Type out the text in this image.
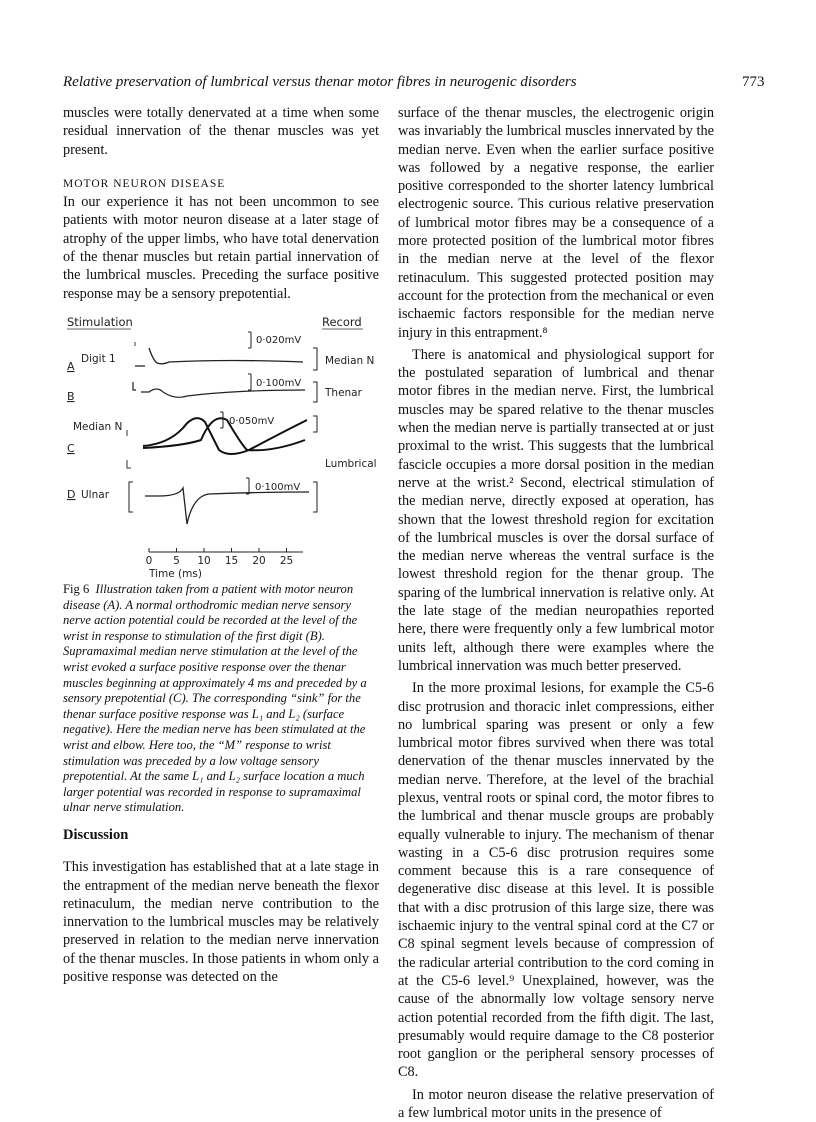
Relative preservation of lumbrical versus thenar motor fibres in neurogenic disorders	773

muscles were totally denervated at a time when some residual innervation of the thenar muscles was yet present.

MOTOR NEURON DISEASE

In our experience it has not been uncommon to see patients with motor neuron disease at a later stage of atrophy of the upper limbs, who have total denervation of the thenar muscles but retain partial innervation of the lumbrical muscles. Preceding the surface positive response may be a sensory prepotential.

Stimulation	Record
A
Digit 1
0·020mV
Median N
B
0·100mV
Thenar
Median N
C
0·050mV
Lumbrical
D Ulnar
0·100mV
0 5 10 15 20 25
Time (ms)
Fig 6 Illustration taken from a patient with motor neuron disease (A). A normal orthodromic median nerve sensory nerve action potential could be recorded at the level of the wrist in response to stimulation of the first digit (B). Supramaximal median nerve stimulation at the level of the wrist evoked a surface positive response over the thenar muscles beginning at approximately 4 ms and preceded by a sensory prepotential (C). The corresponding “sink” for the thenar surface positive response was L₁ and L₂ (surface negative). Here the median nerve has been stimulated at the wrist and elbow. Here too, the “M” response to wrist stimulation was preceded by a low voltage sensory prepotential. At the same L₁ and L₂ surface location a much larger potential was recorded in response to supramaximal ulnar nerve stimulation.

Discussion

This investigation has established that at a late stage in the entrapment of the median nerve beneath the flexor retinaculum, the median nerve contribution to the innervation to the lumbrical muscles may be relatively preserved in relation to the median nerve innervation of the thenar muscles. In those patients in whom only a positive response was detected on the

surface of the thenar muscles, the electrogenic origin was invariably the lumbrical muscles innervated by the median nerve. Even when the earlier surface positive was followed by a negative response, the earlier positive corresponded to the shorter latency lumbrical electrogenic source. This curious relative preservation of lumbrical motor fibres may be a consequence of a more protected position of the lumbrical motor fibres in the median nerve at the level of the flexor retinaculum. This suggested protected position may account for the protection from the mechanical or even ischaemic factors responsible for the median nerve injury in this entrapment.⁸

There is anatomical and physiological support for the postulated separation of lumbrical and thenar motor fibres in the median nerve. First, the lumbrical muscles may be spared relative to the thenar muscles when the median nerve is partially transected at or just proximal to the wrist. This suggests that the lumbrical fascicle occupies a more dorsal position in the median nerve at the wrist.² Second, electrical stimulation of the median nerve, directly exposed at operation, has shown that the lowest threshold region for excitation of the lumbrical muscles is over the dorsal surface of the median nerve whereas the ventral surface is the lowest threshold region for the thenar group. The sparing of the lumbrical innervation is relative only. At the late stage of the median neuropathies reported here, there were frequently only a few lumbrical motor units left, although there were examples where the lumbrical innervation was much better preserved.

In the more proximal lesions, for example the C5-6 disc protrusion and thoracic inlet compressions, either no lumbrical sparing was present or only a few lumbrical motor fibres survived when there was total denervation of the thenar muscles innervated by the median nerve. Therefore, at the level of the brachial plexus, ventral roots or spinal cord, the motor fibres to the lumbrical and thenar muscle groups are probably equally vulnerable to injury. The mechanism of thenar wasting in a C5-6 disc protrusion requires some comment because this is a rare consequence of degenerative disc disease at this level. It is possible that with a disc protrusion of this large size, there was ischaemic injury to the ventral spinal cord at the C7 or C8 spinal segment levels because of compression of the radicular arterial contribution to the cord coming in at the C5-6 level.⁹ Unexplained, however, was the cause of the abnormally low voltage sensory nerve action potential recorded from the fifth digit. The last, presumably would require damage to the C8 posterior root ganglion or the peripheral sensory processes of C8.

In motor neuron disease the relative preservation of a few lumbrical motor units in the presence of
